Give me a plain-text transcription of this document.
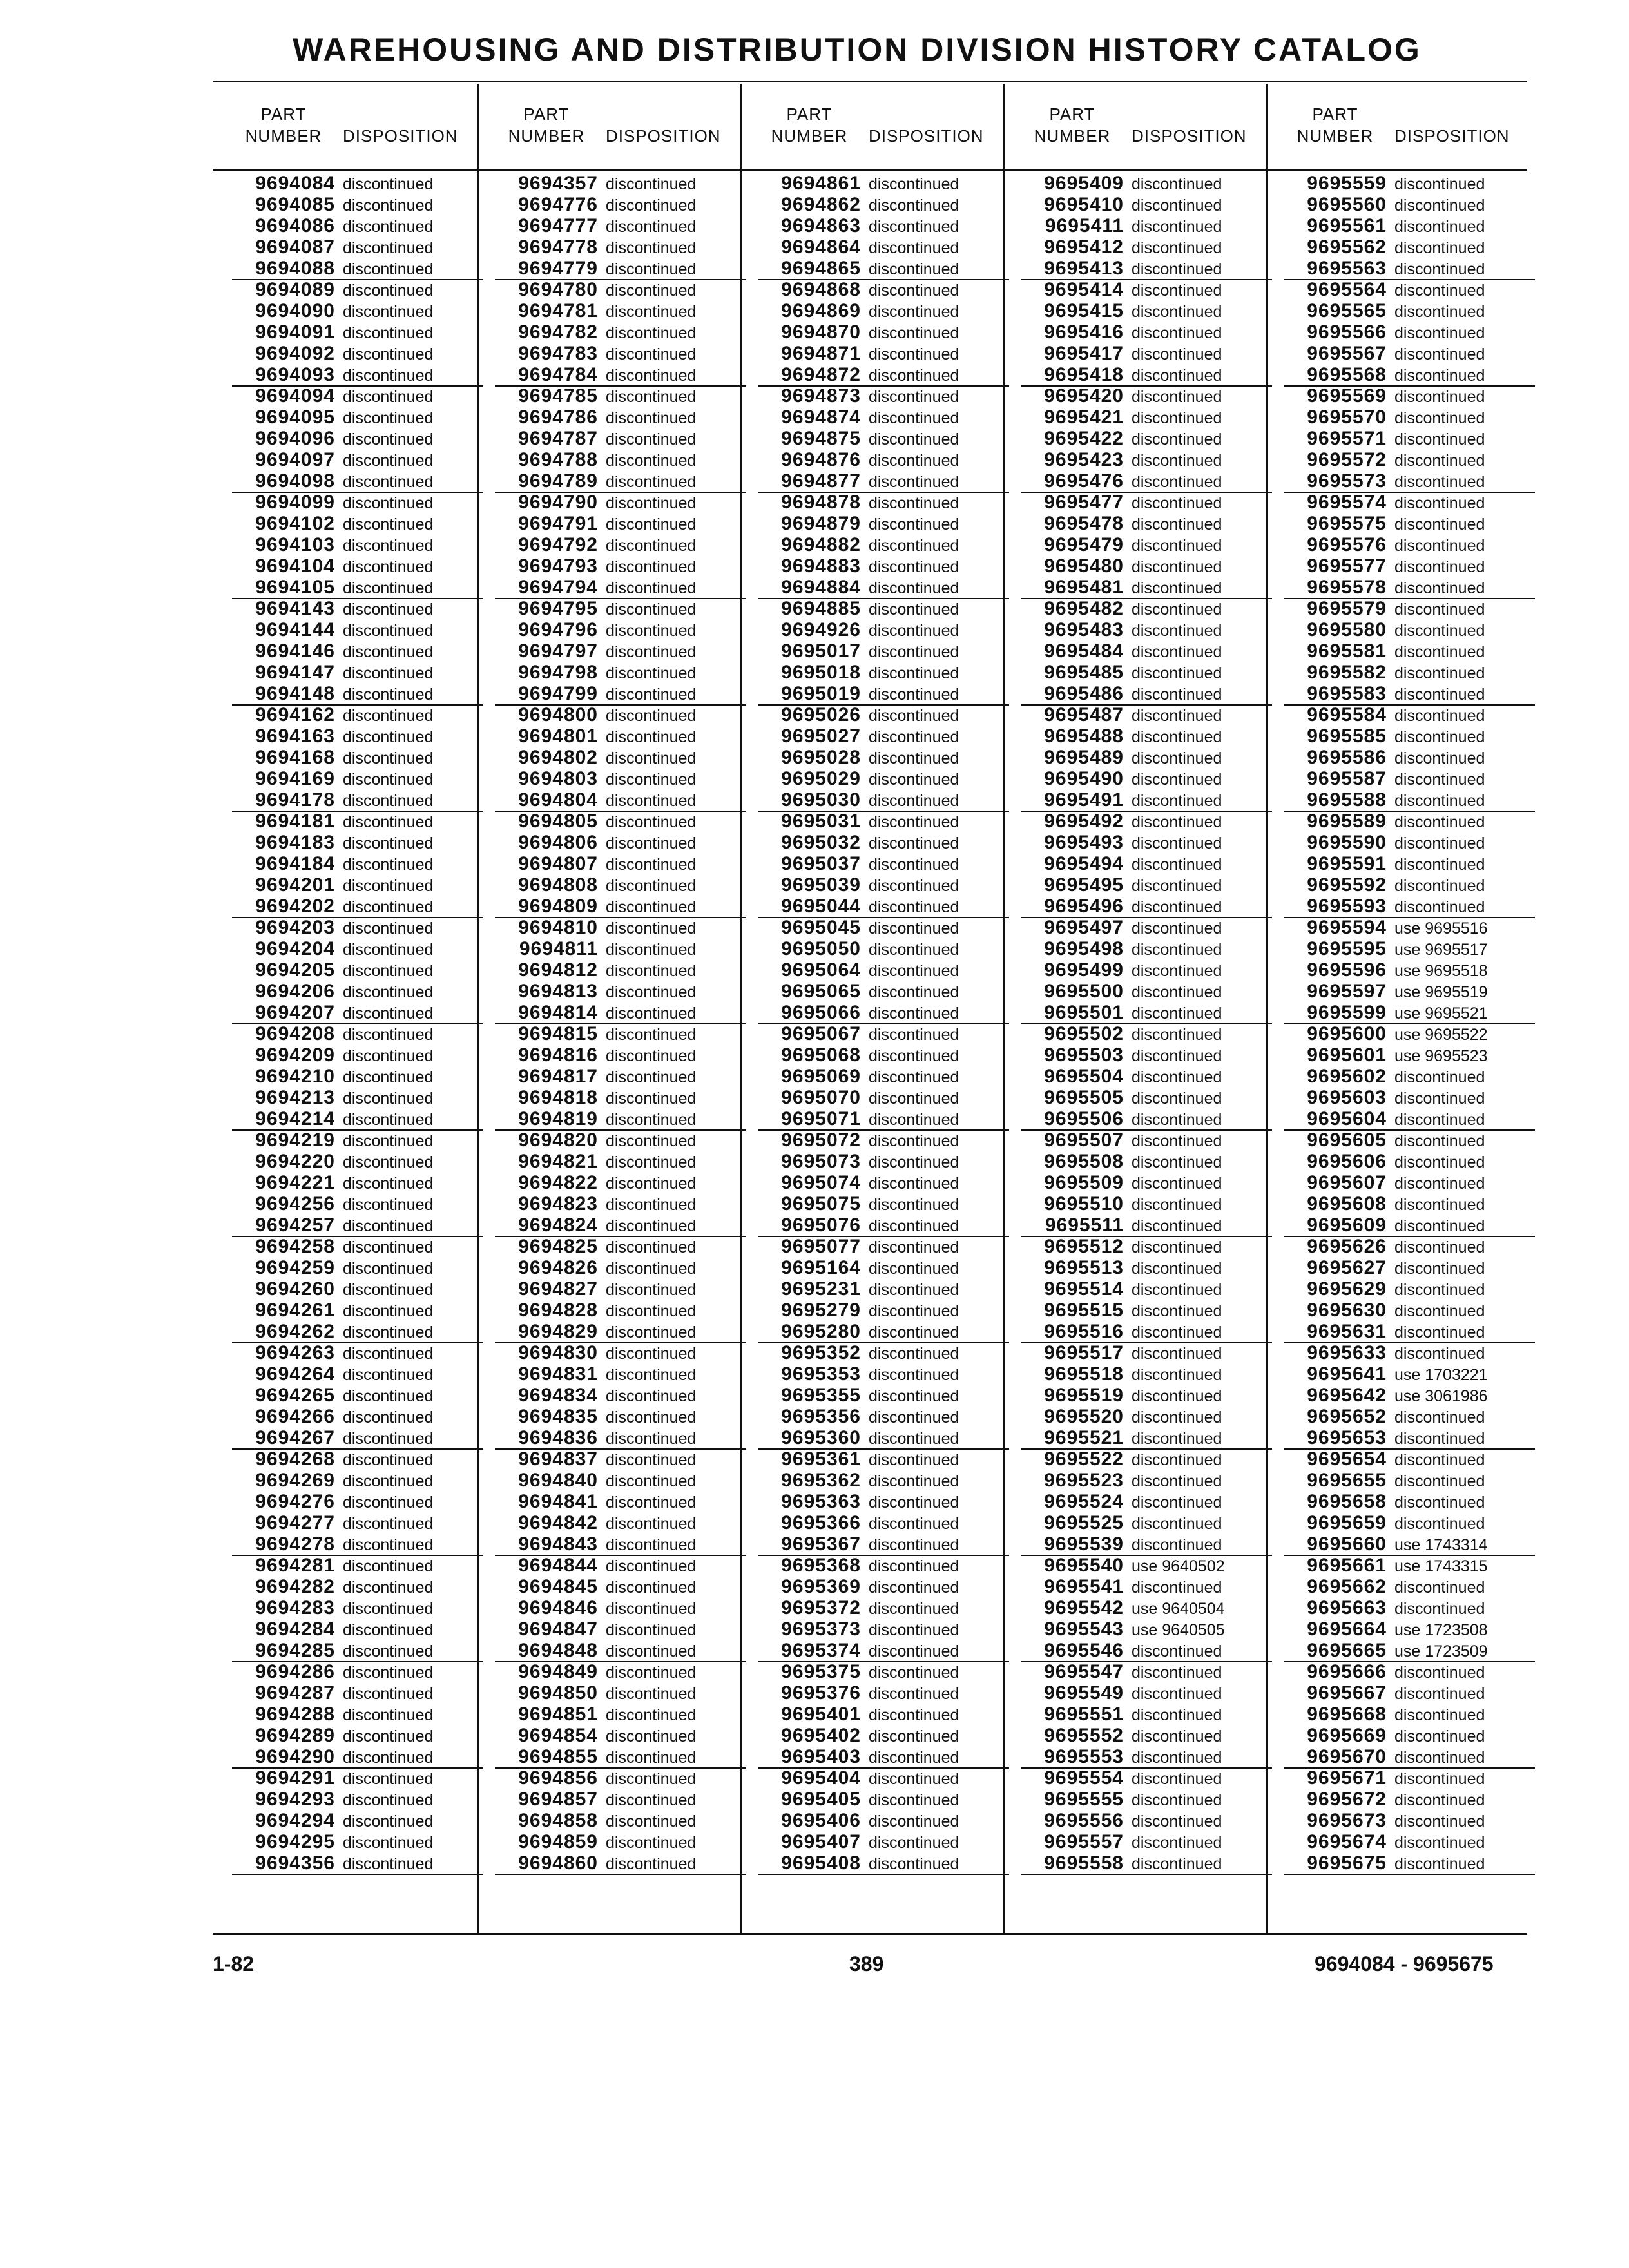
WAREHOUSING AND DISTRIBUTION DIVISION HISTORY CATALOG
PART
NUMBER	DISPOSITION
9694084 discontinued
9694085 discontinued
9694086 discontinued
9694087 discontinued
9694088 discontinued
9694089 discontinued
9694090 discontinued
9694091 discontinued
9694092 discontinued
9694093 discontinued
9694094 discontinued
9694095 discontinued
9694096 discontinued
9694097 discontinued
9694098 discontinued
9694099 discontinued
9694102 discontinued
9694103 discontinued
9694104 discontinued
9694105 discontinued
9694143 discontinued
9694144 discontinued
9694146 discontinued
9694147 discontinued
9694148 discontinued
9694162 discontinued
9694163 discontinued
9694168 discontinued
9694169 discontinued
9694178 discontinued
9694181 discontinued
9694183 discontinued
9694184 discontinued
9694201 discontinued
9694202 discontinued
9694203 discontinued
9694204 discontinued
9694205 discontinued
9694206 discontinued
9694207 discontinued
9694208 discontinued
9694209 discontinued
9694210 discontinued
9694213 discontinued
9694214 discontinued
9694219 discontinued
9694220 discontinued
9694221 discontinued
9694256 discontinued
9694257 discontinued
9694258 discontinued
9694259 discontinued
9694260 discontinued
9694261 discontinued
9694262 discontinued
9694263 discontinued
9694264 discontinued
9694265 discontinued
9694266 discontinued
9694267 discontinued
9694268 discontinued
9694269 discontinued
9694276 discontinued
9694277 discontinued
9694278 discontinued
9694281 discontinued
9694282 discontinued
9694283 discontinued
9694284 discontinued
9694285 discontinued
9694286 discontinued
9694287 discontinued
9694288 discontinued
9694289 discontinued
9694290 discontinued
9694291 discontinued
9694293 discontinued
9694294 discontinued
9694295 discontinued
9694356 discontinued
PART
NUMBER	DISPOSITION
9694357 discontinued
9694776 discontinued
9694777 discontinued
9694778 discontinued
9694779 discontinued
9694780 discontinued
9694781 discontinued
9694782 discontinued
9694783 discontinued
9694784 discontinued
9694785 discontinued
9694786 discontinued
9694787 discontinued
9694788 discontinued
9694789 discontinued
9694790 discontinued
9694791 discontinued
9694792 discontinued
9694793 discontinued
9694794 discontinued
9694795 discontinued
9694796 discontinued
9694797 discontinued
9694798 discontinued
9694799 discontinued
9694800 discontinued
9694801 discontinued
9694802 discontinued
9694803 discontinued
9694804 discontinued
9694805 discontinued
9694806 discontinued
9694807 discontinued
9694808 discontinued
9694809 discontinued
9694810 discontinued
9694811 discontinued
9694812 discontinued
9694813 discontinued
9694814 discontinued
9694815 discontinued
9694816 discontinued
9694817 discontinued
9694818 discontinued
9694819 discontinued
9694820 discontinued
9694821 discontinued
9694822 discontinued
9694823 discontinued
9694824 discontinued
9694825 discontinued
9694826 discontinued
9694827 discontinued
9694828 discontinued
9694829 discontinued
9694830 discontinued
9694831 discontinued
9694834 discontinued
9694835 discontinued
9694836 discontinued
9694837 discontinued
9694840 discontinued
9694841 discontinued
9694842 discontinued
9694843 discontinued
9694844 discontinued
9694845 discontinued
9694846 discontinued
9694847 discontinued
9694848 discontinued
9694849 discontinued
9694850 discontinued
9694851 discontinued
9694854 discontinued
9694855 discontinued
9694856 discontinued
9694857 discontinued
9694858 discontinued
9694859 discontinued
9694860 discontinued
PART
NUMBER	DISPOSITION
9694861 discontinued
9694862 discontinued
9694863 discontinued
9694864 discontinued
9694865 discontinued
9694868 discontinued
9694869 discontinued
9694870 discontinued
9694871 discontinued
9694872 discontinued
9694873 discontinued
9694874 discontinued
9694875 discontinued
9694876 discontinued
9694877 discontinued
9694878 discontinued
9694879 discontinued
9694882 discontinued
9694883 discontinued
9694884 discontinued
9694885 discontinued
9694926 discontinued
9695017 discontinued
9695018 discontinued
9695019 discontinued
9695026 discontinued
9695027 discontinued
9695028 discontinued
9695029 discontinued
9695030 discontinued
9695031 discontinued
9695032 discontinued
9695037 discontinued
9695039 discontinued
9695044 discontinued
9695045 discontinued
9695050 discontinued
9695064 discontinued
9695065 discontinued
9695066 discontinued
9695067 discontinued
9695068 discontinued
9695069 discontinued
9695070 discontinued
9695071 discontinued
9695072 discontinued
9695073 discontinued
9695074 discontinued
9695075 discontinued
9695076 discontinued
9695077 discontinued
9695164 discontinued
9695231 discontinued
9695279 discontinued
9695280 discontinued
9695352 discontinued
9695353 discontinued
9695355 discontinued
9695356 discontinued
9695360 discontinued
9695361 discontinued
9695362 discontinued
9695363 discontinued
9695366 discontinued
9695367 discontinued
9695368 discontinued
9695369 discontinued
9695372 discontinued
9695373 discontinued
9695374 discontinued
9695375 discontinued
9695376 discontinued
9695401 discontinued
9695402 discontinued
9695403 discontinued
9695404 discontinued
9695405 discontinued
9695406 discontinued
9695407 discontinued
9695408 discontinued
PART
NUMBER	DISPOSITION
9695409 discontinued
9695410 discontinued
9695411 discontinued
9695412 discontinued
9695413 discontinued
9695414 discontinued
9695415 discontinued
9695416 discontinued
9695417 discontinued
9695418 discontinued
9695420 discontinued
9695421 discontinued
9695422 discontinued
9695423 discontinued
9695476 discontinued
9695477 discontinued
9695478 discontinued
9695479 discontinued
9695480 discontinued
9695481 discontinued
9695482 discontinued
9695483 discontinued
9695484 discontinued
9695485 discontinued
9695486 discontinued
9695487 discontinued
9695488 discontinued
9695489 discontinued
9695490 discontinued
9695491 discontinued
9695492 discontinued
9695493 discontinued
9695494 discontinued
9695495 discontinued
9695496 discontinued
9695497 discontinued
9695498 discontinued
9695499 discontinued
9695500 discontinued
9695501 discontinued
9695502 discontinued
9695503 discontinued
9695504 discontinued
9695505 discontinued
9695506 discontinued
9695507 discontinued
9695508 discontinued
9695509 discontinued
9695510 discontinued
9695511 discontinued
9695512 discontinued
9695513 discontinued
9695514 discontinued
9695515 discontinued
9695516 discontinued
9695517 discontinued
9695518 discontinued
9695519 discontinued
9695520 discontinued
9695521 discontinued
9695522 discontinued
9695523 discontinued
9695524 discontinued
9695525 discontinued
9695539 discontinued
9695540 use 9640502
9695541 discontinued
9695542 use 9640504
9695543 use 9640505
9695546 discontinued
9695547 discontinued
9695549 discontinued
9695551 discontinued
9695552 discontinued
9695553 discontinued
9695554 discontinued
9695555 discontinued
9695556 discontinued
9695557 discontinued
9695558 discontinued
PART
NUMBER	DISPOSITION
9695559 discontinued
9695560 discontinued
9695561 discontinued
9695562 discontinued
9695563 discontinued
9695564 discontinued
9695565 discontinued
9695566 discontinued
9695567 discontinued
9695568 discontinued
9695569 discontinued
9695570 discontinued
9695571 discontinued
9695572 discontinued
9695573 discontinued
9695574 discontinued
9695575 discontinued
9695576 discontinued
9695577 discontinued
9695578 discontinued
9695579 discontinued
9695580 discontinued
9695581 discontinued
9695582 discontinued
9695583 discontinued
9695584 discontinued
9695585 discontinued
9695586 discontinued
9695587 discontinued
9695588 discontinued
9695589 discontinued
9695590 discontinued
9695591 discontinued
9695592 discontinued
9695593 discontinued
9695594 use 9695516
9695595 use 9695517
9695596 use 9695518
9695597 use 9695519
9695599 use 9695521
9695600 use 9695522
9695601 use 9695523
9695602 discontinued
9695603 discontinued
9695604 discontinued
9695605 discontinued
9695606 discontinued
9695607 discontinued
9695608 discontinued
9695609 discontinued
9695626 discontinued
9695627 discontinued
9695629 discontinued
9695630 discontinued
9695631 discontinued
9695633 discontinued
9695641 use 1703221
9695642 use 3061986
9695652 discontinued
9695653 discontinued
9695654 discontinued
9695655 discontinued
9695658 discontinued
9695659 discontinued
9695660 use 1743314
9695661 use 1743315
9695662 discontinued
9695663 discontinued
9695664 use 1723508
9695665 use 1723509
9695666 discontinued
9695667 discontinued
9695668 discontinued
9695669 discontinued
9695670 discontinued
9695671 discontinued
9695672 discontinued
9695673 discontinued
9695674 discontinued
9695675 discontinued
1-82	389	9694084 - 9695675
